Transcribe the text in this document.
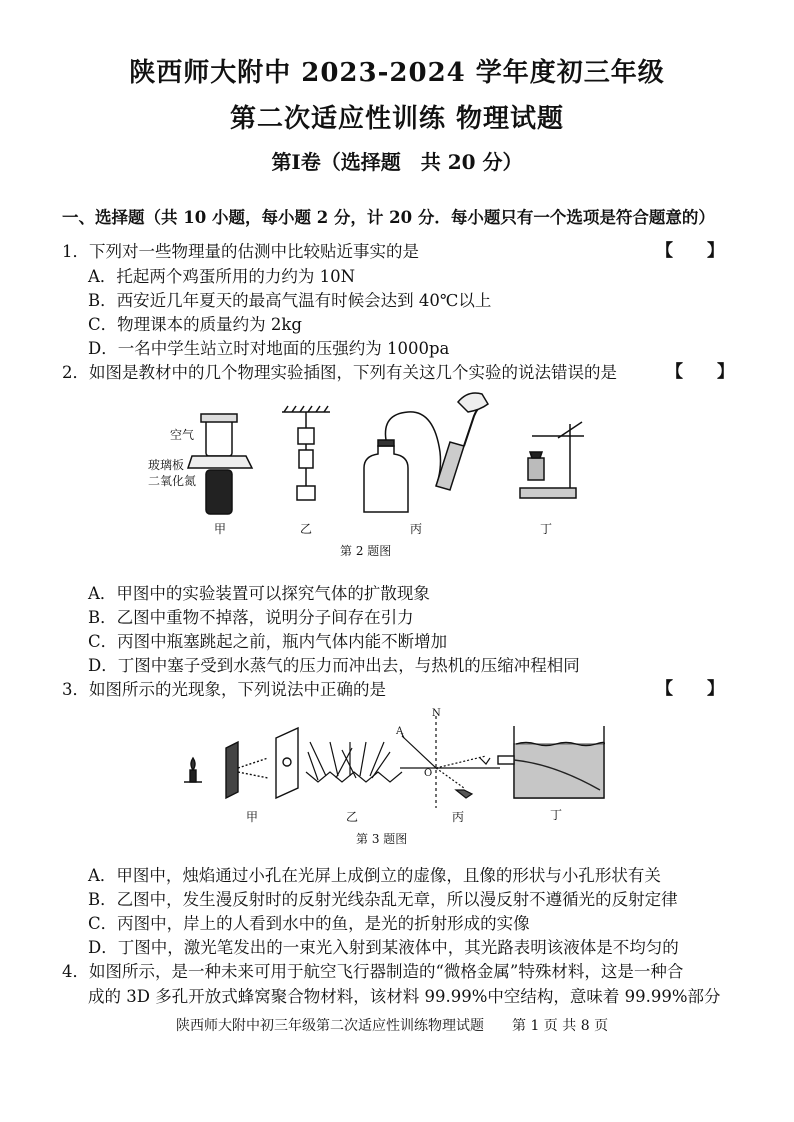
陕西师大附中 2023-2024 学年度初三年级
第二次适应性训练 物理试题
第Ⅰ卷（选择题　共 20 分）
一、选择题（共 10 小题，每小题 2 分，计 20 分．每小题只有一个选项是符合题意的）
1．下列对一些物理量的估测中比较贴近事实的是	【　　】
A．托起两个鸡蛋所用的力约为 10N
B．西安近几年夏天的最高气温有时候会达到 40℃以上
C．物理课本的质量约为 2kg
D．一名中学生站立时对地面的压强约为 1000pa
2．如图是教材中的几个物理实验插图，下列有关这几个实验的说法错误的是	【　　】
空气
玻璃板
二氧化氮
甲	乙	丙	丁
第 2 题图
A．甲图中的实验装置可以探究气体的扩散现象
B．乙图中重物不掉落，说明分子间存在引力
C．丙图中瓶塞跳起之前，瓶内气体内能不断增加
D．丁图中塞子受到水蒸气的压力而冲出去，与热机的压缩冲程相同
3．如图所示的光现象，下列说法中正确的是	【　　】
N
A
O
甲	乙	丙	丁
第 3 题图
A．甲图中，烛焰通过小孔在光屏上成倒立的虚像，且像的形状与小孔形状有关
B．乙图中，发生漫反射时的反射光线杂乱无章，所以漫反射不遵循光的反射定律
C．丙图中，岸上的人看到水中的鱼，是光的折射形成的实像
D．丁图中，激光笔发出的一束光入射到某液体中，其光路表明该液体是不均匀的
4．如图所示，是一种未来可用于航空飞行器制造的“微格金属”特殊材料，这是一种合
成的 3D 多孔开放式蜂窝聚合物材料，该材料 99.99%中空结构，意味着 99.99%部分
陕西师大附中初三年级第二次适应性训练物理试题　　第 1 页 共 8 页
